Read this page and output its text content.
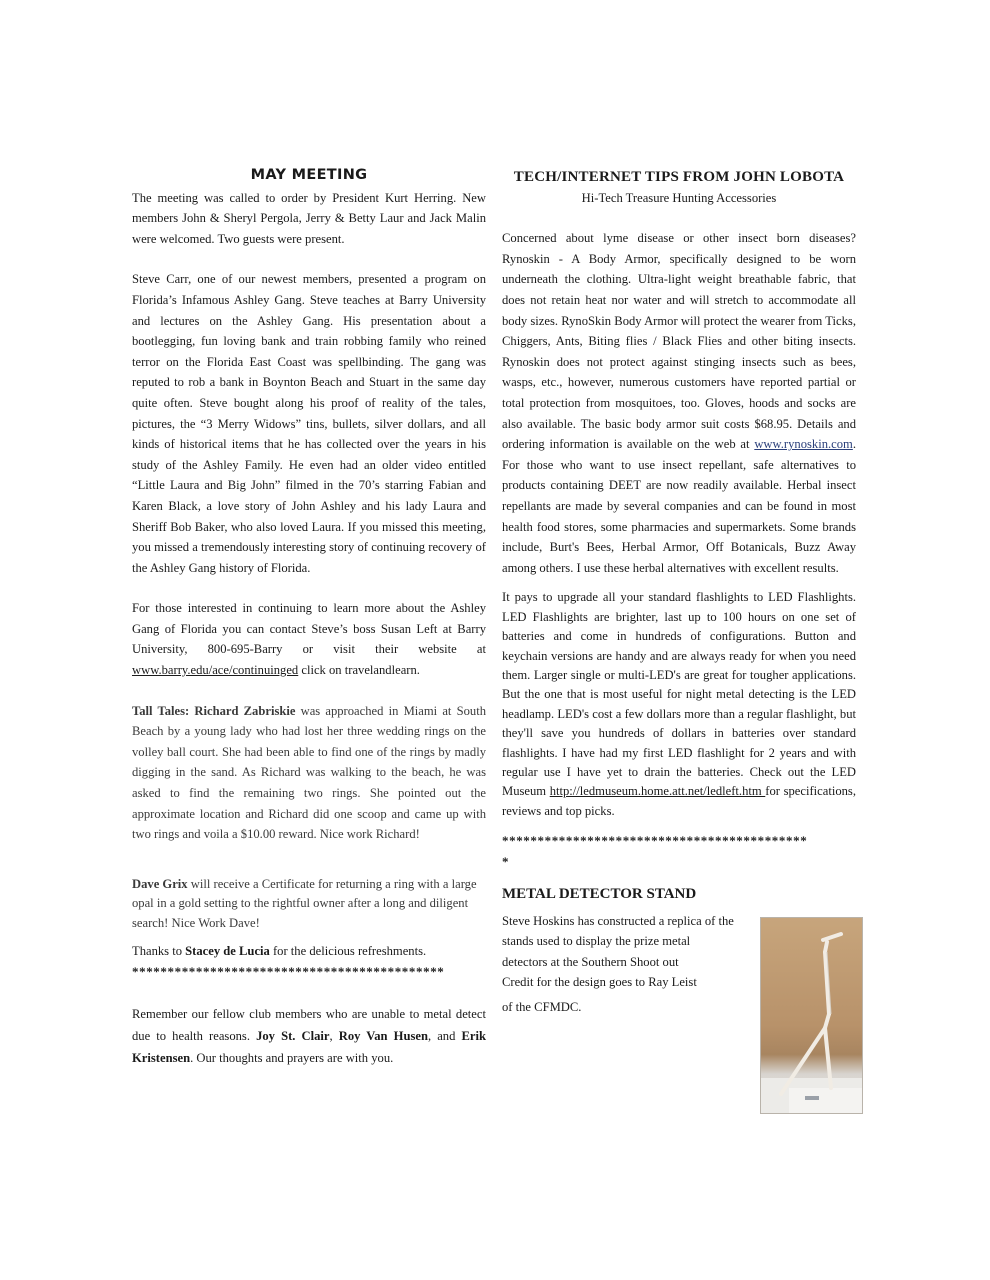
MAY MEETING

The meeting was called to order by President Kurt Herring. New members John & Sheryl Pergola, Jerry & Betty Laur and Jack Malin were welcomed. Two guests were present.

Steve Carr, one of our newest members, presented a program on Florida’s Infamous Ashley Gang. Steve teaches at Barry University and lectures on the Ashley Gang. His presentation about a bootlegging, fun loving bank and train robbing family who reined terror on the Florida East Coast was spellbinding. The gang was reputed to rob a bank in Boynton Beach and Stuart in the same day quite often. Steve bought along his proof of reality of the tales, pictures, the “3 Merry Widows” tins, bullets, silver dollars, and all kinds of historical items that he has collected over the years in his study of the Ashley Family. He even had an older video entitled “Little Laura and Big John” filmed in the 70’s starring Fabian and Karen Black, a love story of John Ashley and his lady Laura and Sheriff Bob Baker, who also loved Laura. If you missed this meeting, you missed a tremendously interesting story of continuing recovery of the Ashley Gang history of Florida.

For those interested in continuing to learn more about the Ashley Gang of Florida you can contact Steve’s boss Susan Left at Barry University, 800-695-Barry or visit their website at www.barry.edu/ace/continuinged click on travelandlearn.

Tall Tales: Richard Zabriskie was approached in Miami at South Beach by a young lady who had lost her three wedding rings on the volley ball court. She had been able to find one of the rings by madly digging in the sand. As Richard was walking to the beach, he was asked to find the remaining two rings. She pointed out the approximate location and Richard did one scoop and came up with two rings and voila a $10.00 reward. Nice work Richard!

Dave Grix will receive a Certificate for returning a ring with a large opal in a gold setting to the rightful owner after a long and diligent search! Nice Work Dave!

Thanks to Stacey de Lucia for the delicious refreshments.

********************************************

Remember our fellow club members who are unable to metal detect due to health reasons. Joy St. Clair, Roy Van Husen, and Erik Kristensen. Our thoughts and prayers are with you.

TECH/INTERNET TIPS FROM JOHN LOBOTA
Hi-Tech Treasure Hunting Accessories

Concerned about lyme disease or other insect born diseases? Rynoskin - A Body Armor, specifically designed to be worn underneath the clothing. Ultra-light weight breathable fabric, that does not retain heat nor water and will stretch to accommodate all body sizes. RynoSkin Body Armor will protect the wearer from Ticks, Chiggers, Ants, Biting flies / Black Flies and other biting insects. Rynoskin does not protect against stinging insects such as bees, wasps, etc., however, numerous customers have reported partial or total protection from mosquitoes, too. Gloves, hoods and socks are also available. The basic body armor suit costs $68.95. Details and ordering information is available on the web at www.rynoskin.com. For those who want to use insect repellant, safe alternatives to products containing DEET are now readily available. Herbal insect repellants are made by several companies and can be found in most health food stores, some pharmacies and supermarkets. Some brands include, Burt's Bees, Herbal Armor, Off Botanicals, Buzz Away among others. I use these herbal alternatives with excellent results.

It pays to upgrade all your standard flashlights to LED Flashlights. LED Flashlights are brighter, last up to 100 hours on one set of batteries and come in hundreds of configurations. Button and keychain versions are handy and are always ready for when you need them. Larger single or multi-LED's are great for tougher applications. But the one that is most useful for night metal detecting is the LED headlamp. LED's cost a few dollars more than a regular flashlight, but they'll save you hundreds of dollars in batteries over standard flashlights. I have had my first LED flashlight for 2 years and with regular use I have yet to drain the batteries. Check out the LED Museum http://ledmuseum.home.att.net/ledleft.htm for specifications, reviews and top picks.

*******************************************
*
METAL DETECTOR STAND
Steve Hoskins has constructed a replica of the
stands used to display the prize metal
detectors at the Southern Shoot out
Credit for the design goes to Ray Leist
of the CFMDC.
